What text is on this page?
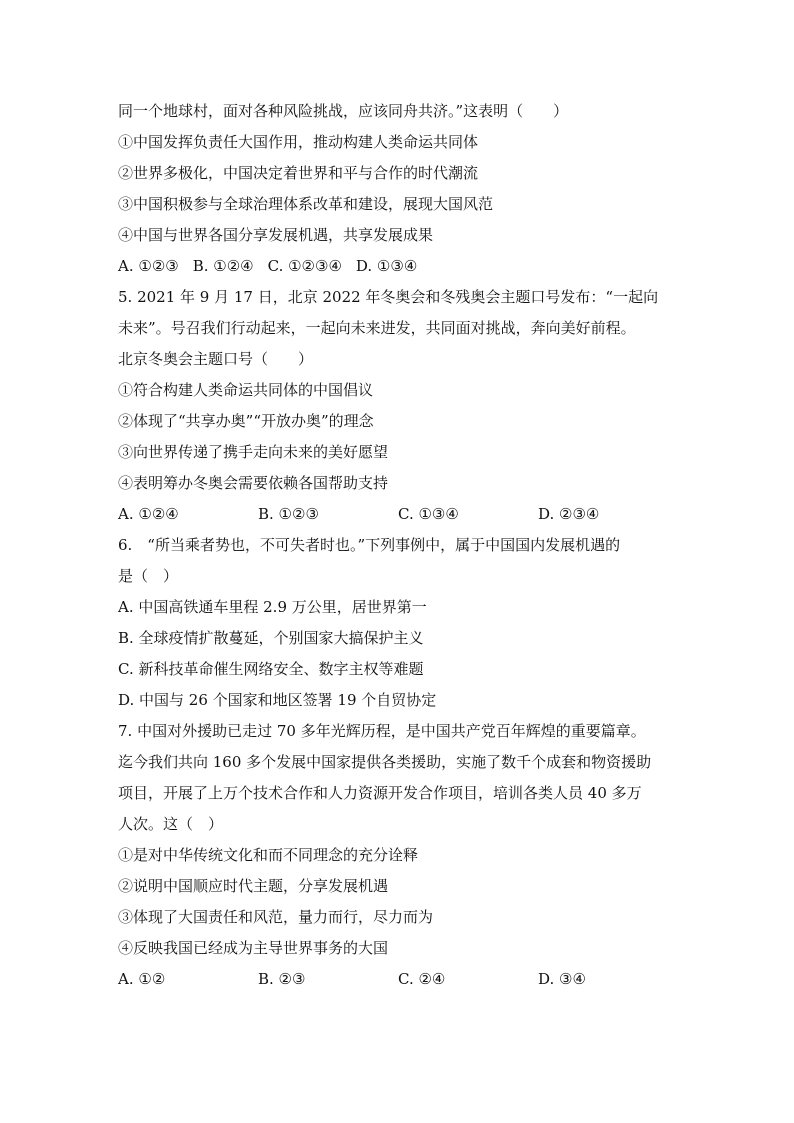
同一个地球村，面对各种风险挑战，应该同舟共济。”这表明（　　）
①中国发挥负责任大国作用，推动构建人类命运共同体
②世界多极化，中国决定着世界和平与合作的时代潮流
③中国积极参与全球治理体系改革和建设，展现大国风范
④中国与世界各国分享发展机遇，共享发展成果
A. ①②③ B. ①②④ C. ①②③④ D. ①③④
5. 2021 年 9 月 17 日，北京 2022 年冬奥会和冬残奥会主题口号发布：“一起向
未来”。号召我们行动起来，一起向未来进发，共同面对挑战，奔向美好前程。
北京冬奥会主题口号（　　）
①符合构建人类命运共同体的中国倡议
②体现了“共享办奥”“开放办奥”的理念
③向世界传递了携手走向未来的美好愿望
④表明筹办冬奥会需要依赖各国帮助支持
A. ①②④	B. ①②③	C. ①③④	D. ②③④
6.　“所当乘者势也，不可失者时也。”下列事例中，属于中国国内发展机遇的
是（　）
A. 中国高铁通车里程 2.9 万公里，居世界第一
B. 全球疫情扩散蔓延，个别国家大搞保护主义
C. 新科技革命催生网络安全、数字主权等难题
D. 中国与 26 个国家和地区签署 19 个自贸协定
7. 中国对外援助已走过 70 多年光辉历程，是中国共产党百年辉煌的重要篇章。
迄今我们共向 160 多个发展中国家提供各类援助，实施了数千个成套和物资援助
项目，开展了上万个技术合作和人力资源开发合作项目，培训各类人员 40 多万
人次。这（　）
①是对中华传统文化和而不同理念的充分诠释
②说明中国顺应时代主题，分享发展机遇
③体现了大国责任和风范，量力而行，尽力而为
④反映我国已经成为主导世界事务的大国
A. ①②	B. ②③	C. ②④	D. ③④
